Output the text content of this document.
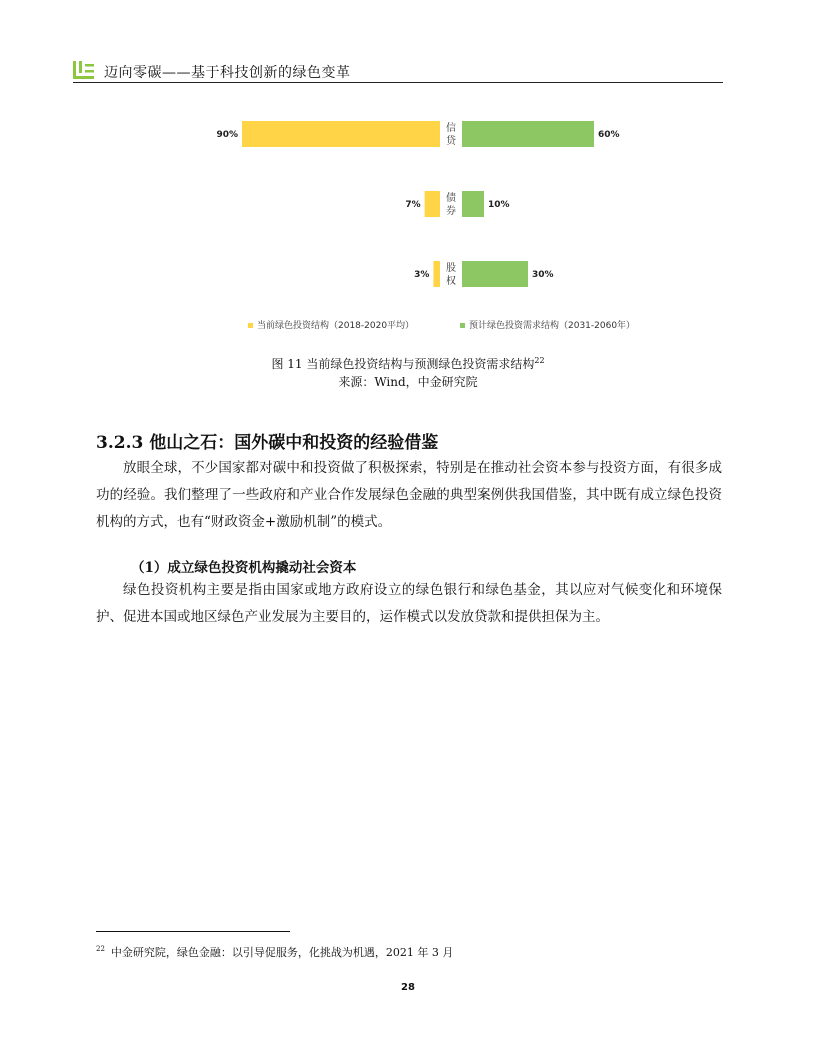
迈向零碳——基于科技创新的绿色变革
90%	60%
信
贷
7%	10%
债
券
3%	30%
股
权
当前绿色投资结构（2018-2020平均）	预计绿色投资需求结构（2031-2060年）
图 11 当前绿色投资结构与预测绿色投资需求结构$^{22}$
来源：Wind，中金研究院
3.2.3 他山之石：国外碳中和投资的经验借鉴
放眼全球，不少国家都对碳中和投资做了积极探索，特别是在推动社会资本参与投资方面，有很多成功的经验。我们整理了一些政府和产业合作发展绿色金融的典型案例供我国借鉴，其中既有成立绿色投资机构的方式，也有“财政资金+激励机制”的模式。
（1）成立绿色投资机构撬动社会资本
绿色投资机构主要是指由国家或地方政府设立的绿色银行和绿色基金，其以应对气候变化和环境保护、促进本国或地区绿色产业发展为主要目的，运作模式以发放贷款和提供担保为主。
$^{22}$ 中金研究院，绿色金融：以引导促服务，化挑战为机遇，2021 年 3 月
28
